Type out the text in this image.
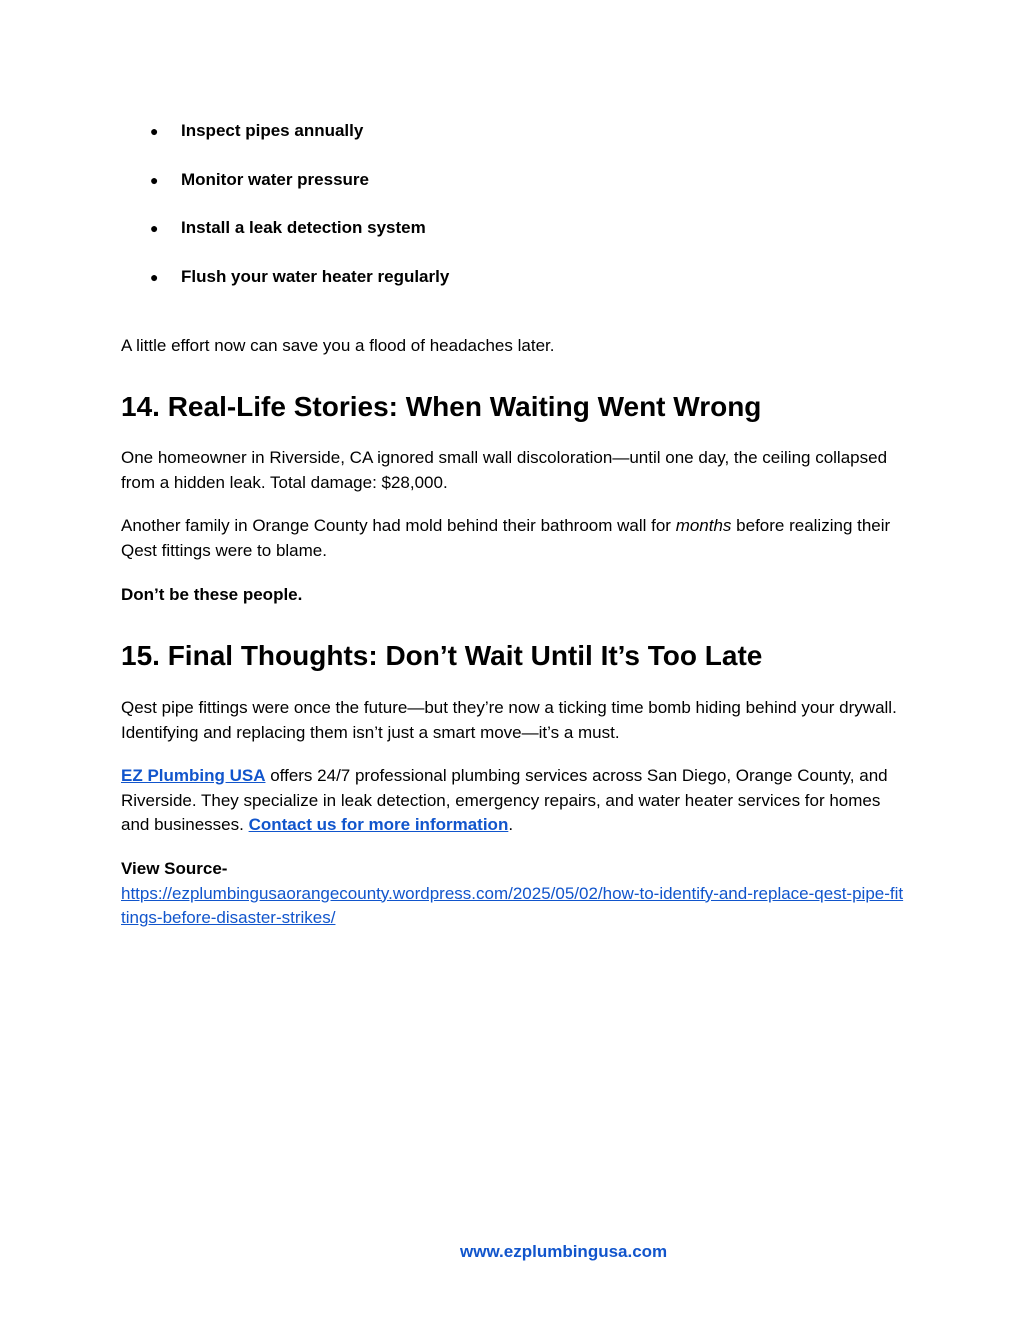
●	Inspect pipes annually
●	Monitor water pressure
●	Install a leak detection system
●	Flush your water heater regularly

A little effort now can save you a flood of headaches later.

14. Real-Life Stories: When Waiting Went Wrong

One homeowner in Riverside, CA ignored small wall discoloration—until one day, the ceiling collapsed from a hidden leak. Total damage: $28,000.

Another family in Orange County had mold behind their bathroom wall for months before realizing their Qest fittings were to blame.

Don’t be these people.

15. Final Thoughts: Don’t Wait Until It’s Too Late

Qest pipe fittings were once the future—but they’re now a ticking time bomb hiding behind your drywall. Identifying and replacing them isn’t just a smart move—it’s a must.

EZ Plumbing USA offers 24/7 professional plumbing services across San Diego, Orange County, and Riverside. They specialize in leak detection, emergency repairs, and water heater services for homes and businesses. Contact us for more information.

View Source-
https://ezplumbingusaorangecounty.wordpress.com/2025/05/02/how-to-identify-and-replace-qest-pipe-fittings-before-disaster-strikes/

www.ezplumbingusa.com
